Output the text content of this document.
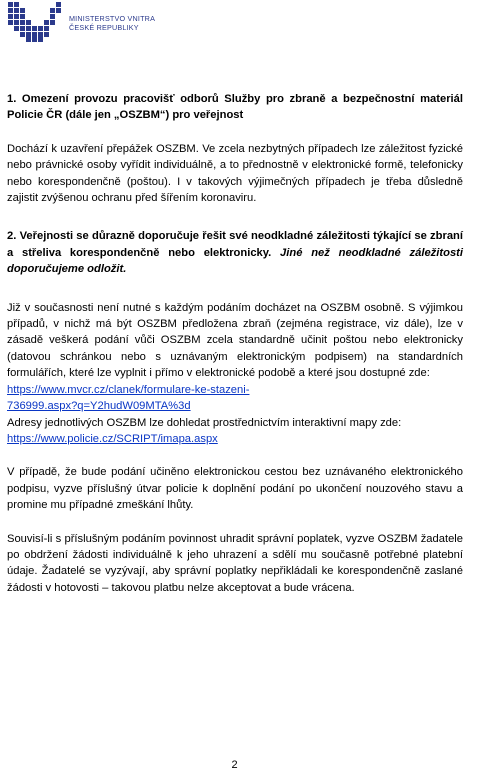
MINISTERSTVO VNITRA
ČESKÉ REPUBLIKY

1. Omezení provozu pracovišť odborů Služby pro zbraně a bezpečnostní materiál Policie ČR (dále jen „OSZBM“) pro veřejnost

Dochází k uzavření přepážek OSZBM. Ve zcela nezbytných případech lze záležitost fyzické nebo právnické osoby vyřídit individuálně, a to přednostně v elektronické formě, telefonicky nebo korespondenčně (poštou). I v takových výjimečných případech je třeba důsledně zajistit zvýšenou ochranu před šířením koronaviru.

2. Veřejnosti se důrazně doporučuje řešit své neodkladné záležitosti týkající se zbraní a střeliva korespondenčně nebo elektronicky. Jiné než neodkladné záležitosti doporučujeme odložit.

Již v současnosti není nutné s každým podáním docházet na OSZBM osobně. S výjimkou případů, v nichž má být OSZBM předložena zbraň (zejména registrace, viz dále), lze v zásadě veškerá podání vůči OSZBM zcela standardně učinit poštou nebo elektronicky (datovou schránkou nebo s uznávaným elektronickým podpisem) na standardních formulářích, které lze vyplnit i přímo v elektronické podobě a které jsou dostupné zde:

https://www.mvcr.cz/clanek/formulare-ke-stazeni-
736999.aspx?q=Y2hudW09MTA%3d

Adresy jednotlivých OSZBM lze dohledat prostřednictvím interaktivní mapy zde:

https://www.policie.cz/SCRIPT/imapa.aspx

V případě, že bude podání učiněno elektronickou cestou bez uznávaného elektronického podpisu, vyzve příslušný útvar policie k doplnění podání po ukončení nouzového stavu a promine mu případné zmeškání lhůty.

Souvisí-li s příslušným podáním povinnost uhradit správní poplatek, vyzve OSZBM žadatele po obdržení žádosti individuálně k jeho uhrazení a sdělí mu současně potřebné platební údaje. Žadatelé se vyzývají, aby správní poplatky nepřikládali ke korespondenčně zaslané žádosti v hotovosti – takovou platbu nelze akceptovat a bude vrácena.

2
